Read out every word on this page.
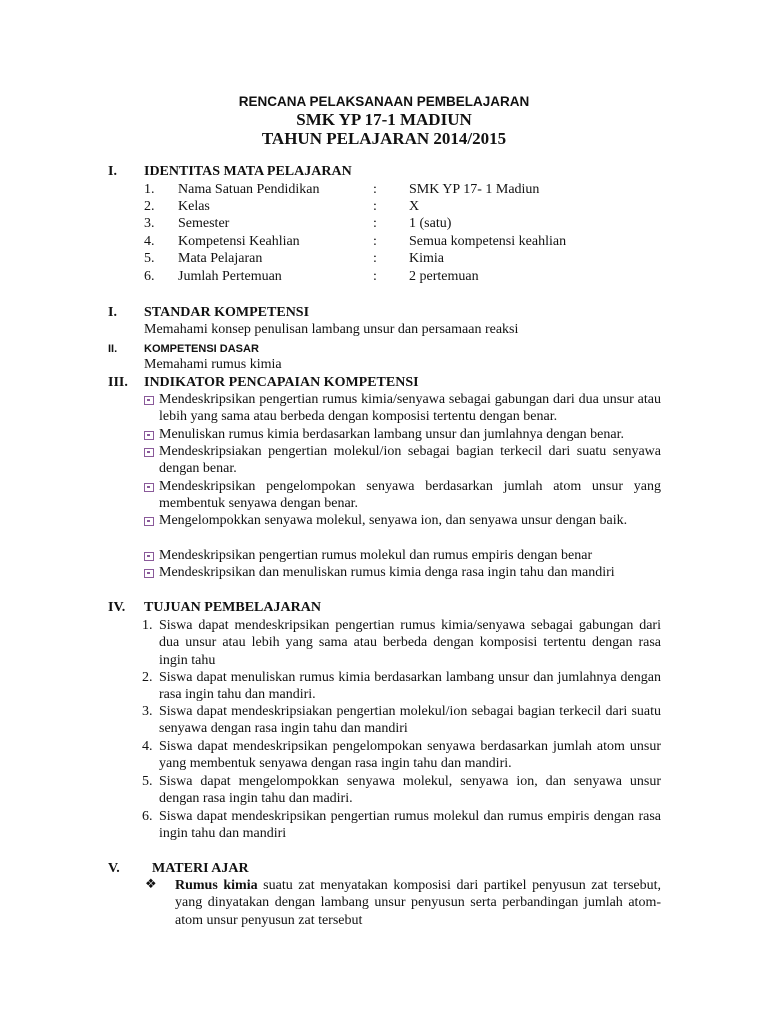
RENCANA PELAKSANAAN PEMBELAJARAN
SMK YP 17-1 MADIUN
TAHUN PELAJARAN 2014/2015
I. IDENTITAS MATA PELAJARAN
1. Nama Satuan Pendidikan	: SMK YP 17- 1 Madiun
2. Kelas	: X
3. Semester	: 1 (satu)
4. Kompetensi Keahlian	: Semua kompetensi keahlian
5. Mata Pelajaran	: Kimia
6. Jumlah Pertemuan	: 2 pertemuan
I. STANDAR KOMPETENSI
Memahami konsep penulisan lambang unsur dan persamaan reaksi
II. KOMPETENSI DASAR
Memahami rumus kimia
III. INDIKATOR PENCAPAIAN KOMPETENSI
Mendeskripsikan pengertian rumus kimia/senyawa sebagai gabungan dari dua unsur atau lebih yang sama atau berbeda dengan komposisi tertentu dengan benar.
Menuliskan rumus kimia berdasarkan lambang unsur dan jumlahnya dengan benar.
Mendeskripsiakan pengertian molekul/ion sebagai bagian terkecil dari suatu senyawa dengan benar.
Mendeskripsikan pengelompokan senyawa berdasarkan jumlah atom unsur yang membentuk senyawa dengan benar.
Mengelompokkan senyawa molekul, senyawa ion, dan senyawa unsur dengan baik.
Mendeskripsikan pengertian rumus molekul dan rumus empiris dengan benar
Mendeskripsikan dan menuliskan rumus kimia denga rasa ingin tahu dan mandiri
IV. TUJUAN PEMBELAJARAN
1. Siswa dapat mendeskripsikan pengertian rumus kimia/senyawa sebagai gabungan dari dua unsur atau lebih yang sama atau berbeda dengan komposisi tertentu dengan rasa ingin tahu
2. Siswa dapat menuliskan rumus kimia berdasarkan lambang unsur dan jumlahnya dengan rasa ingin tahu dan mandiri.
3. Siswa dapat mendeskripsiakan pengertian molekul/ion sebagai bagian terkecil dari suatu senyawa dengan rasa ingin tahu dan mandiri
4. Siswa dapat mendeskripsikan pengelompokan senyawa berdasarkan jumlah atom unsur yang membentuk senyawa dengan rasa ingin tahu dan mandiri.
5. Siswa dapat mengelompokkan senyawa molekul, senyawa ion, dan senyawa unsur dengan rasa ingin tahu dan madiri.
6. Siswa dapat mendeskripsikan pengertian rumus molekul dan rumus empiris dengan rasa ingin tahu dan mandiri
V. MATERI AJAR
❖ Rumus kimia suatu zat menyatakan komposisi dari partikel penyusun zat tersebut, yang dinyatakan dengan lambang unsur penyusun serta perbandingan jumlah atom-atom unsur penyusun zat tersebut
